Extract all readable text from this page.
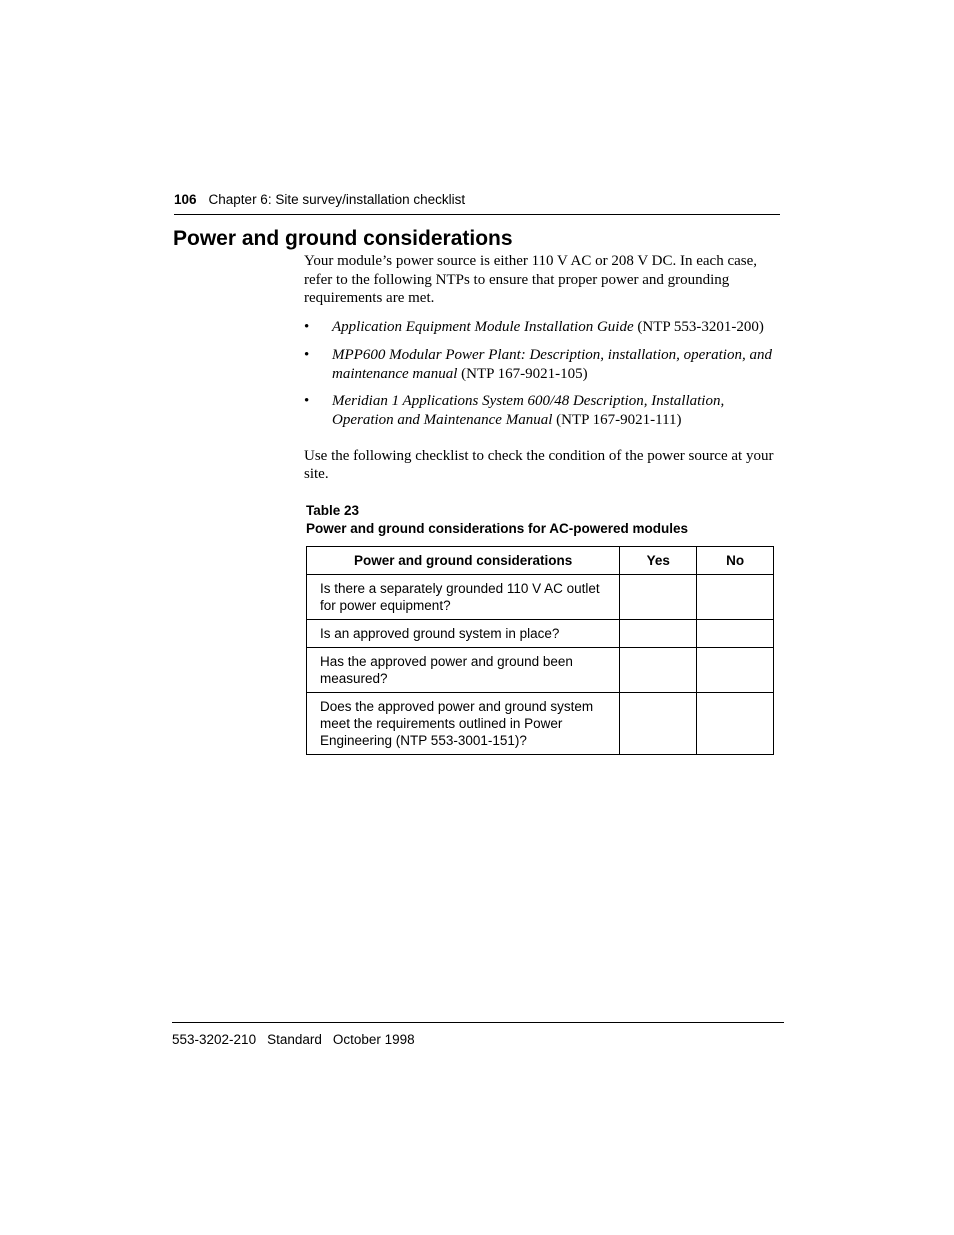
106 Chapter 6: Site survey/installation checklist
Power and ground considerations

Your module’s power source is either 110 V AC or 208 V DC. In each case, refer to the following NTPs to ensure that proper power and grounding requirements are met.

• Application Equipment Module Installation Guide (NTP 553-3201-200)
• MPP600 Modular Power Plant: Description, installation, operation, and maintenance manual (NTP 167-9021-105)
• Meridian 1 Applications System 600/48 Description, Installation, Operation and Maintenance Manual (NTP 167-9021-111)

Use the following checklist to check the condition of the power source at your site.

Table 23
Power and ground considerations for AC-powered modules
Power and ground considerations	Yes	No
Is there a separately grounded 110 V AC outlet for power equipment?		
Is an approved ground system in place?		
Has the approved power and ground been measured?		
Does the approved power and ground system meet the requirements outlined in Power Engineering (NTP 553-3001-151)?		
553-3202-210 Standard October 1998
